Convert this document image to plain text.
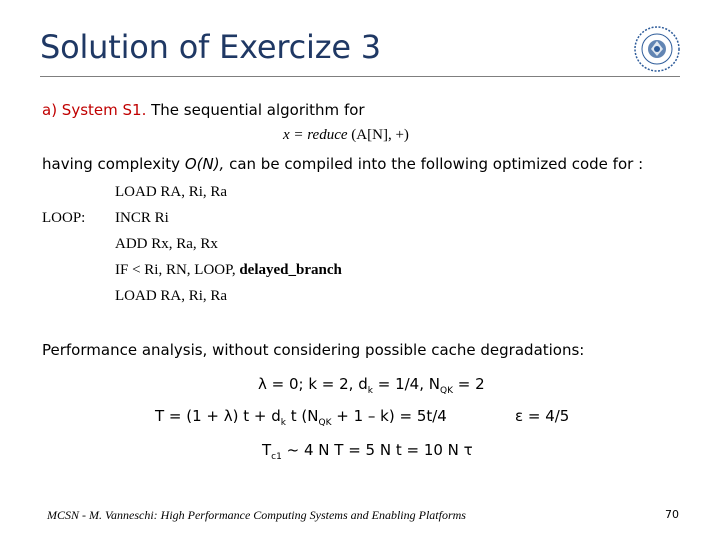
Solution of Exercize 3
a) System S1. The sequential algorithm for
x = reduce (A[N], +)
having complexity O(N), can be compiled into the following optimized code for :
LOAD RA, Ri, Ra
LOOP: INCR Ri
ADD Rx, Ra, Rx
IF < Ri, RN, LOOP, delayed_branch
LOAD RA, Ri, Ra
Performance analysis, without considering possible cache degradations:
λ = 0; k = 2, $d_k = 1/4$, $N_{QK} = 2$
T = (1 + λ) $t + d_k$ t $(N_{QK} + 1 - k) = 5t/4$	ε = 4/5
$T_{c1}$ ~ 4 N T = 5 N t = 10 N τ
MCSN - M. Vanneschi: High Performance Computing Systems and Enabling Platforms	70
